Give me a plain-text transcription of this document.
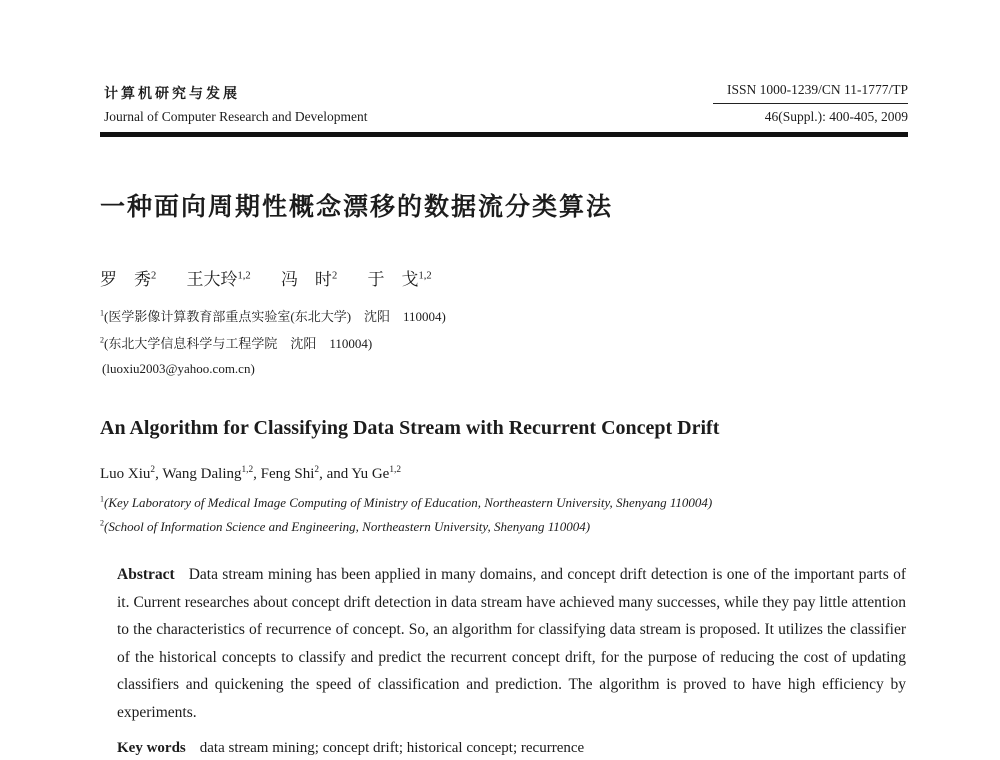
计算机研究与发展
Journal of Computer Research and Development
ISSN 1000-1239/CN 11-1777/TP
46(Suppl.): 400-405, 2009
一种面向周期性概念漂移的数据流分类算法
罗　秀$^2$ 王大玲$^{1,2}$ 冯　时$^2$ 于　戈$^{1,2}$
$^1$(医学影像计算教育部重点实验室(东北大学)　沈阳　110004)
$^2$(东北大学信息科学与工程学院　沈阳　110004)
(luoxiu2003@yahoo.com.cn)
An Algorithm for Classifying Data Stream with Recurrent Concept Drift
Luo Xiu$^2$, Wang Daling$^{1,2}$, Feng Shi$^2$, and Yu Ge$^{1,2}$
$^1$(Key Laboratory of Medical Image Computing of Ministry of Education, Northeastern University, Shenyang 110004)
$^2$(School of Information Science and Engineering, Northeastern University, Shenyang 110004)
Abstract Data stream mining has been applied in many domains, and concept drift detection is one of the important parts of it. Current researches about concept drift detection in data stream have achieved many successes, while they pay little attention to the characteristics of recurrence of concept. So, an algorithm for classifying data stream is proposed. It utilizes the classifier of the historical concepts to classify and predict the recurrent concept drift, for the purpose of reducing the cost of updating classifiers and quickening the speed of classification and prediction. The algorithm is proved to have high efficiency by experiments.
Key words data stream mining; concept drift; historical concept; recurrence
